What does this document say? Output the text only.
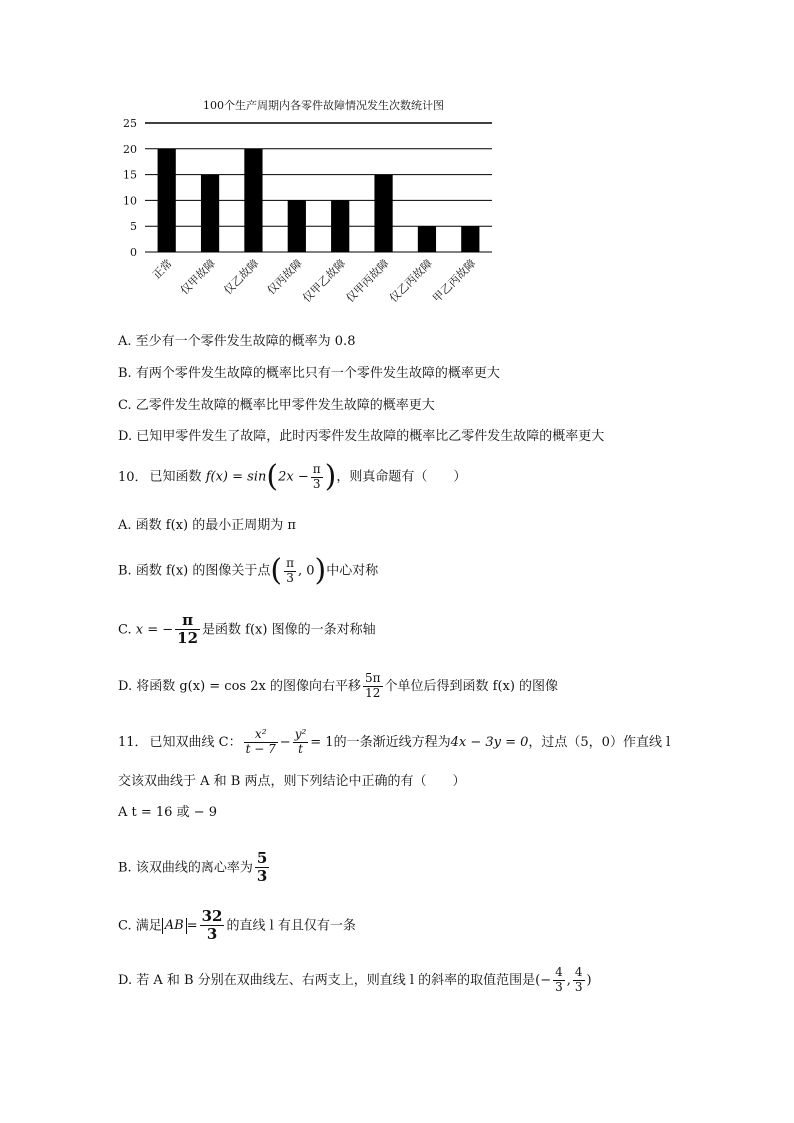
100个生产周期内各零件故障情况发生次数统计图
0
5
10
15
20
25
正常 仅甲故障 仅乙故障 仅丙故障
仅甲乙故障
仅甲丙故障
仅乙丙故障
甲乙丙故障
A. 至少有一个零件发生故障的概率为 0.8
B. 有两个零件发生故障的概率比只有一个零件发生故障的概率更大
C. 乙零件发生故障的概率比甲零件发生故障的概率更大
D. 已知甲零件发生了故障，此时丙零件发生故障的概率比乙零件发生故障的概率更大
10． 已知函数 $f(x) = \sin(2x - \frac{\pi}{3}$ )，则真命题有（　　）
A. 函数 f(x) 的最小正周期为 π
B. 函数 f(x) 的图像关于点( $\frac{\pi}{3}$ , 0)中心对称
C. x = − $\frac{\pi}{12}$ 是函数 f(x) 图像的一条对称轴
D. 将函数 g(x) = cos 2x 的图像向右平移 $\frac{5\pi}{12}$ 个单位后得到函数 f(x) 的图像
11． 已知双曲线 C： $\frac{\text{x²}}{t - 7} - \frac{\text{y²}}{t} = 1$的一条渐近线方程为4x − 3y = 0，过点（5，0）作直线 l
交该双曲线于 A 和 B 两点，则下列结论中正确的有（　　）
A t = 16 或 − 9
B. 该双曲线的离心率为 $\frac{5}{3}$
C. 满足 AB = $\frac{32}{3}$ 的直线 l 有且仅有一条
D. 若 A 和 B 分别在双曲线左、右两支上，则直线 l 的斜率的取值范围是(− $\frac{4}{3}$ , $\frac{4}{3}$ )
